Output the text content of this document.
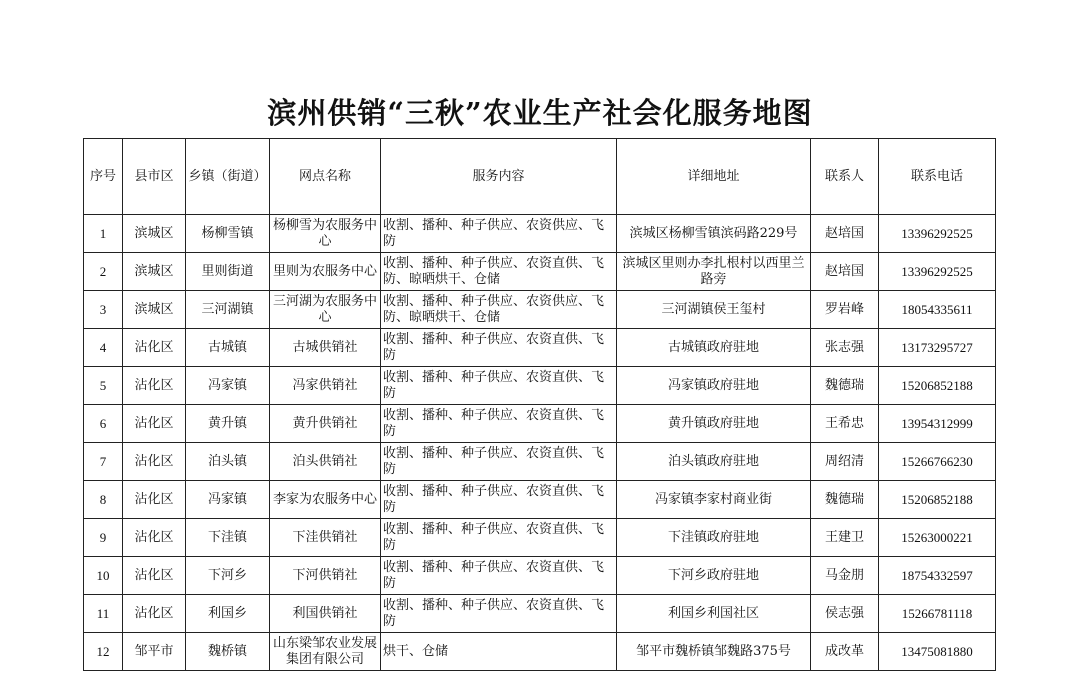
滨州供销“三秋”农业生产社会化服务地图
序号	县市区	乡镇（街道）	网点名称	服务内容	详细地址	联系人	联系电话
1	滨城区	杨柳雪镇	杨柳雪为农服务中心	收割、播种、种子供应、农资供应、飞防	滨城区杨柳雪镇滨码路229号	赵培国	13396292525
2	滨城区	里则街道	里则为农服务中心	收割、播种、种子供应、农资直供、飞防、晾晒烘干、仓储	滨城区里则办李扎根村以西里兰路旁	赵培国	13396292525
3	滨城区	三河湖镇	三河湖为农服务中心	收割、播种、种子供应、农资供应、飞防、晾晒烘干、仓储	三河湖镇侯王玺村	罗岩峰	18054335611
4	沾化区	古城镇	古城供销社	收割、播种、种子供应、农资直供、飞防	古城镇政府驻地	张志强	13173295727
5	沾化区	冯家镇	冯家供销社	收割、播种、种子供应、农资直供、飞防	冯家镇政府驻地	魏德瑞	15206852188
6	沾化区	黄升镇	黄升供销社	收割、播种、种子供应、农资直供、飞防	黄升镇政府驻地	王希忠	13954312999
7	沾化区	泊头镇	泊头供销社	收割、播种、种子供应、农资直供、飞防	泊头镇政府驻地	周绍清	15266766230
8	沾化区	冯家镇	李家为农服务中心	收割、播种、种子供应、农资直供、飞防	冯家镇李家村商业街	魏德瑞	15206852188
9	沾化区	下洼镇	下洼供销社	收割、播种、种子供应、农资直供、飞防	下洼镇政府驻地	王建卫	15263000221
10	沾化区	下河乡	下河供销社	收割、播种、种子供应、农资直供、飞防	下河乡政府驻地	马金朋	18754332597
11	沾化区	利国乡	利国供销社	收割、播种、种子供应、农资直供、飞防	利国乡利国社区	侯志强	15266781118
12	邹平市	魏桥镇	山东梁邹农业发展集团有限公司	烘干、仓储	邹平市魏桥镇邹魏路375号	成改革	13475081880
